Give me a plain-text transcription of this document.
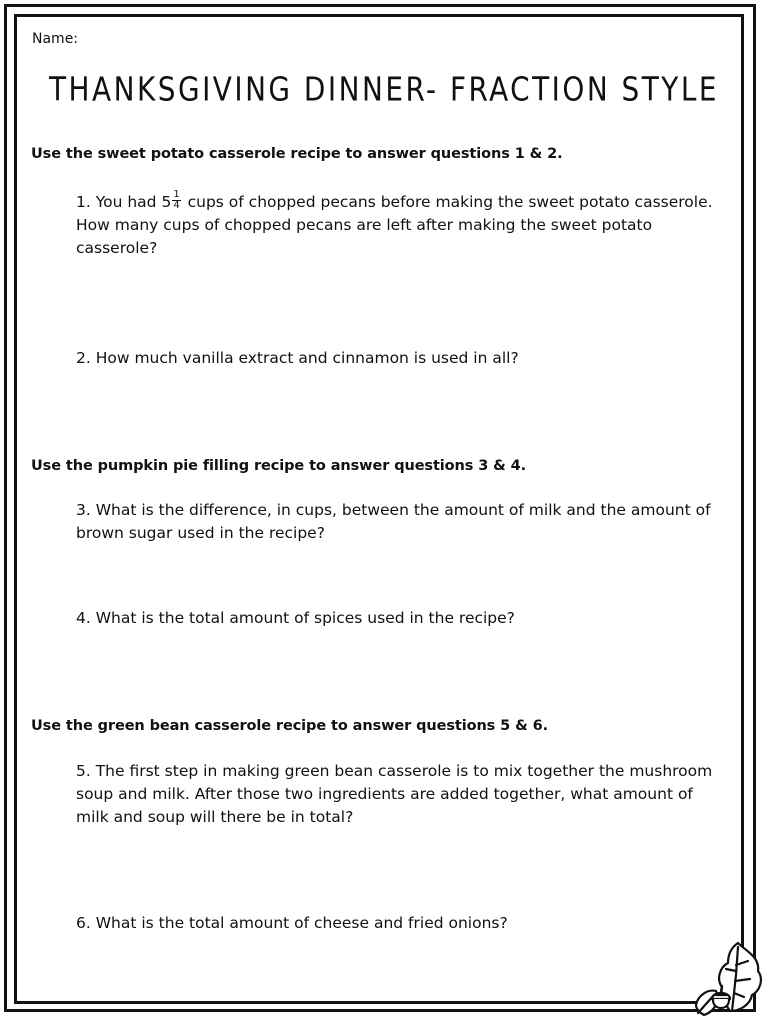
Name:
THANKSGIVING DINNER- FRACTION STYLE
Use the sweet potato casserole recipe to answer questions 1 & 2.
1. You had $5 \frac{1}{4}$ cups of chopped pecans before making the sweet potato casserole. How many cups of chopped pecans are left after making the sweet potato casserole?
2. How much vanilla extract and cinnamon is used in all?
Use the pumpkin pie filling recipe to answer questions 3 & 4.
3. What is the difference, in cups, between the amount of milk and the amount of brown sugar used in the recipe?
4. What is the total amount of spices used in the recipe?
Use the green bean casserole recipe to answer questions 5 & 6.
5. The first step in making green bean casserole is to mix together the mushroom soup and milk. After those two ingredients are added together, what amount of milk and soup will there be in total?
6. What is the total amount of cheese and fried onions?
